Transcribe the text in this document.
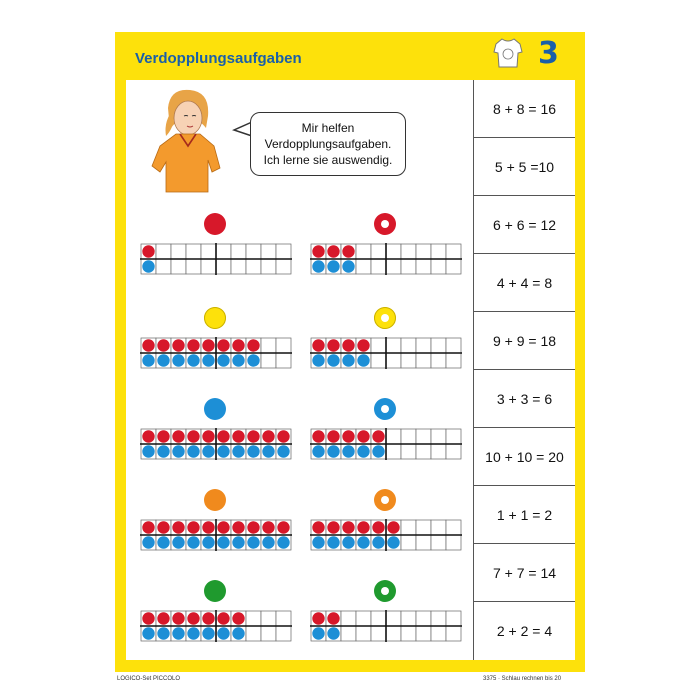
Verdopplungsaufgaben	3
Mir helfen
Verdopplungsaufgaben.
Ich lerne sie auswendig.
8 + 8 = 16
5 + 5 =10
6 + 6 = 12
4 + 4 = 8
9 + 9 = 18
3 + 3 = 6
10 + 10 = 20
1 + 1 = 2
7 + 7 = 14
2 + 2 = 4
LOGICO-Set PICCOLO	3375 · Schlau rechnen bis 20
